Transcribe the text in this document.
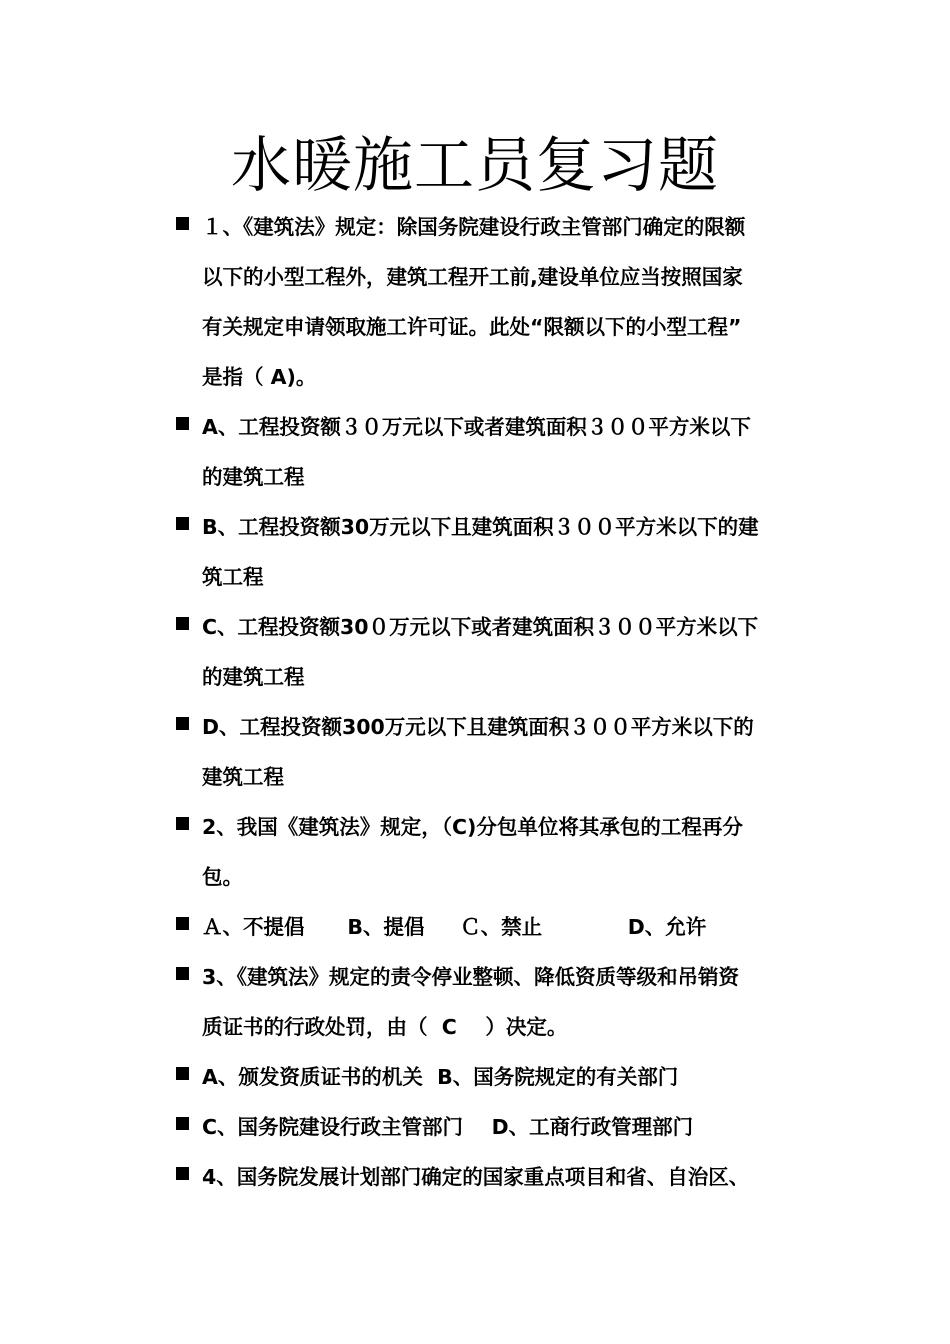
水暖施工员复习题
１、《建筑法》规定：除国务院建设行政主管部门确定的限额
以下的小型工程外，建筑工程开工前,建设单位应当按照国家
有关规定申请领取施工许可证。此处“限额以下的小型工程”
是指（ A)。
A、工程投资额３０万元以下或者建筑面积３００平方米以下
的建筑工程
B、工程投资额30万元以下且建筑面积３００平方米以下的建
筑工程
C、工程投资额30０万元以下或者建筑面积３００平方米以下
的建筑工程
D、工程投资额300万元以下且建筑面积３００平方米以下的
建筑工程
2、我国《建筑法》规定，（C)分包单位将其承包的工程再分
包。
Ａ、不提倡      B、提倡     Ｃ、禁止            D、允许
3、《建筑法》规定的责令停业整顿、降低资质等级和吊销资
质证书的行政处罚，由（  C    ）决定。
A、颁发资质证书的机关  B、国务院规定的有关部门
C、国务院建设行政主管部门    D、工商行政管理部门
4、国务院发展计划部门确定的国家重点项目和省、自治区、
